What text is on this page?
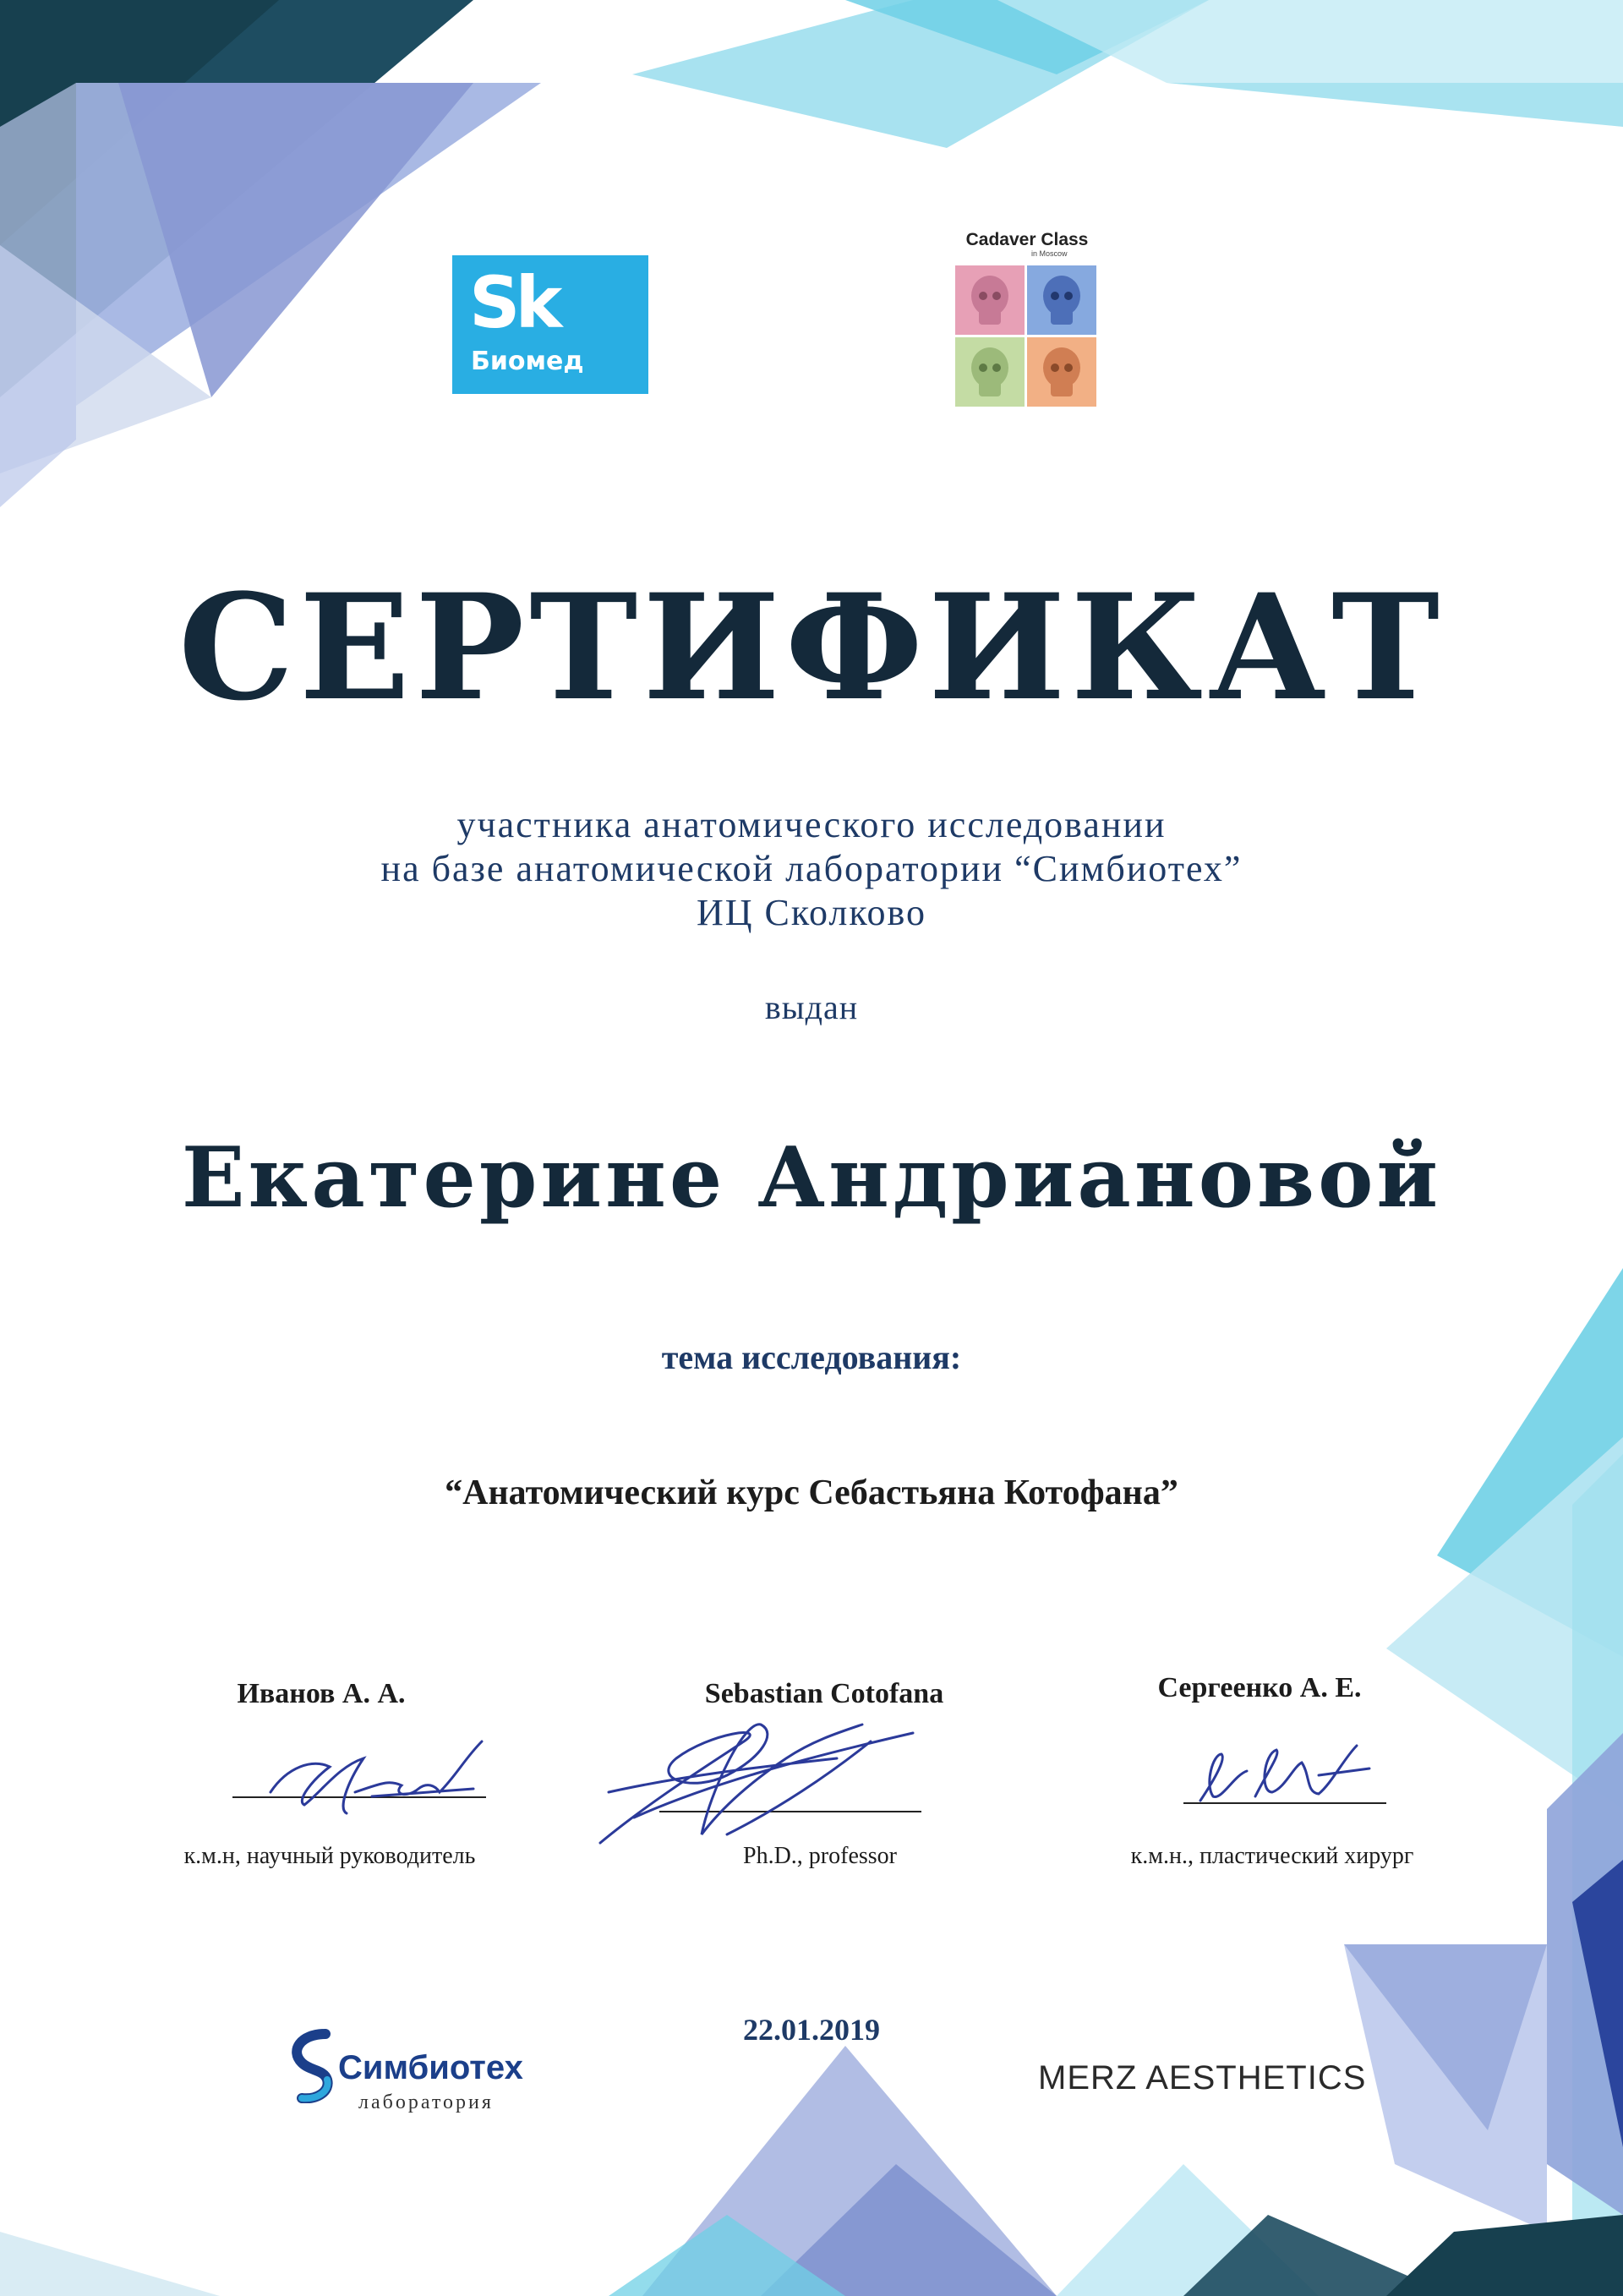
Sk
Биомед
Cadaver Class
in Moscow
СЕРТИФИКАТ
участника анатомического исследовании
на базе анатомической лаборатории “Симбиотех”
ИЦ Сколково
выдан
Екатерине Андриановой
тема исследования:
“Анатомический курс Себастьяна Котофана”
Иванов А. А.
к.м.н, научный руководитель
Sebastian Cotofana
Ph.D., professor
Сергеенко А. Е.
к.м.н., пластический хирург
22.01.2019
Симбиотех
лаборатория
MERZ AESTHETICS
